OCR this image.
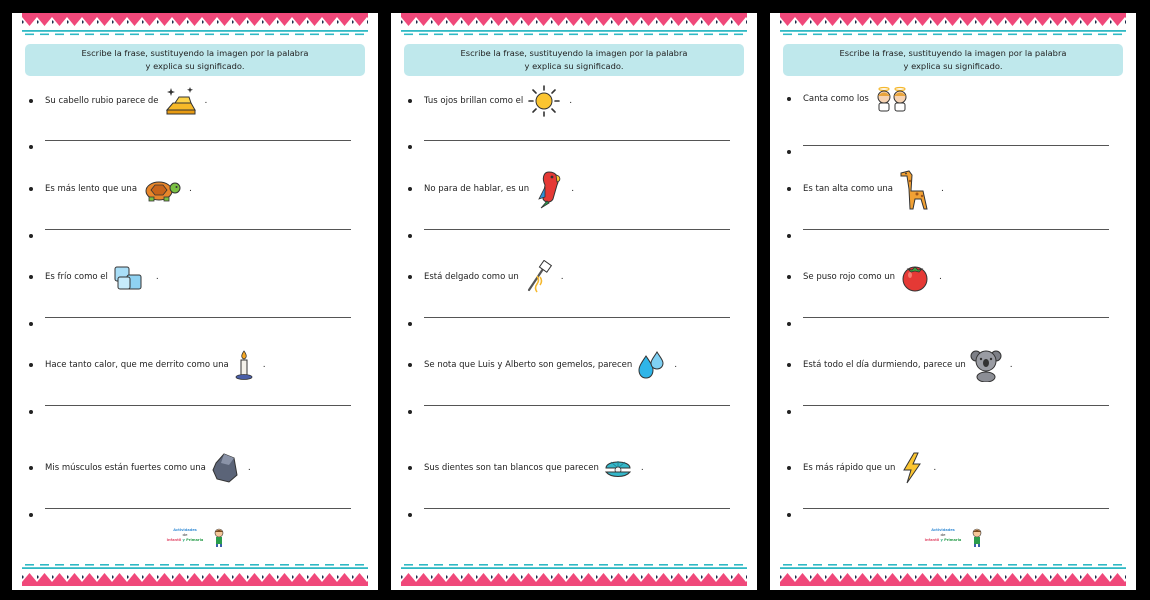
Escribe la frase, sustituyendo la imagen por la palabra
y explica su significado.
Su cabello rubio parece de	.
Es más lento que una	.
Es frío como el	.
Hace tanto calor, que me derrito como una	.
Mis músculos están fuertes como una	.
Actividades
de
Infantil y Primaria
Escribe la frase, sustituyendo la imagen por la palabra
y explica su significado.
Tus ojos brillan como el	.
No para de hablar, es un	.
Está delgado como un	.
Se nota que Luis y Alberto son gemelos, parecen	.
Sus dientes son tan blancos que parecen	.
Escribe la frase, sustituyendo la imagen por la palabra
y explica su significado.
Canta como los
Es tan alta como una	.
Se puso rojo como un	.
Está todo el día durmiendo, parece un	.
Es más rápido que un	.
Actividades
de
Infantil y Primaria
